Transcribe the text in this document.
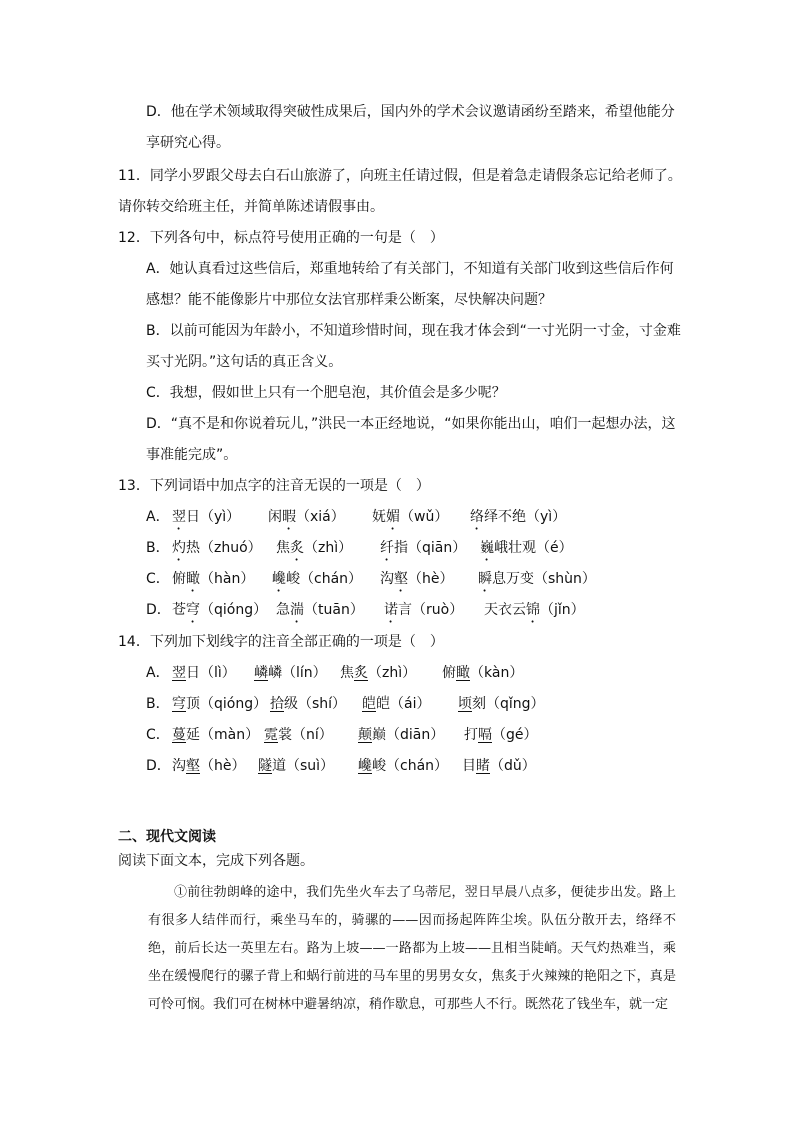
D．他在学术领域取得突破性成果后，国内外的学术会议邀请函纷至踏来，希望他能分
享研究心得。
11．同学小罗跟父母去白石山旅游了，向班主任请过假，但是着急走请假条忘记给老师了。
请你转交给班主任，并简单陈述请假事由。
12．下列各句中，标点符号使用正确的一句是（　）
A．她认真看过这些信后，郑重地转给了有关部门，不知道有关部门收到这些信后作何
感想？能不能像影片中那位女法官那样秉公断案，尽快解决问题？
B．以前可能因为年龄小，不知道珍惜时间，现在我才体会到“一寸光阴一寸金，寸金难
买寸光阴。”这句话的真正含义。
C．我想，假如世上只有一个肥皂泡，其价值会是多少呢？
D．“真不是和你说着玩儿，”洪民一本正经地说，“如果你能出山，咱们一起想办法，这
事准能完成”。
13．下列词语中加点字的注音无误的一项是（　）
A． 翌日（yì） 闲暇（xiá） 妩媚（wǔ） 络绎不绝（yì）
B． 灼热（zhuó） 焦炙（zhì） 纤指（qiān） 巍峨壮观（é）
C． 俯瞰（hàn） 巉峻（chán） 沟壑（hè） 瞬息万变（shùn）
D． 苍穹（qióng） 急湍（tuān） 诺言（ruò） 天衣云锦（jǐn）
14．下列加下划线字的注音全部正确的一项是（　）
A． 翌日（lì） 嶙嶙（lín） 焦炙（zhì） 俯瞰（kàn）
B． 穹顶（qióng） 拾级（shí） 皑皑（ái） 顷刻（qǐng）
C． 蔓延（màn） 霓裳（ní） 颠巅（diān） 打嗝（gé）
D． 沟壑（hè） 隧道（suì） 巉峻（chán） 目睹（dǔ）
二、现代文阅读
阅读下面文本，完成下列各题。
①前往勃朗峰的途中，我们先坐火车去了乌蒂尼，翌日早晨八点多，便徒步出发。路上有很多人结伴而行，乘坐马车的，骑骡的——因而扬起阵阵尘埃。队伍分散开去，络绎不绝，前后长达一英里左右。路为上坡——一路都为上坡——且相当陡峭。天气灼热难当，乘坐在缓慢爬行的骡子背上和蜗行前进的马车里的男男女女，焦炙于火辣辣的艳阳之下，真是可怜可悯。我们可在树林中避暑纳凉，稍作歇息，可那些人不行。既然花了钱坐车，就一定
